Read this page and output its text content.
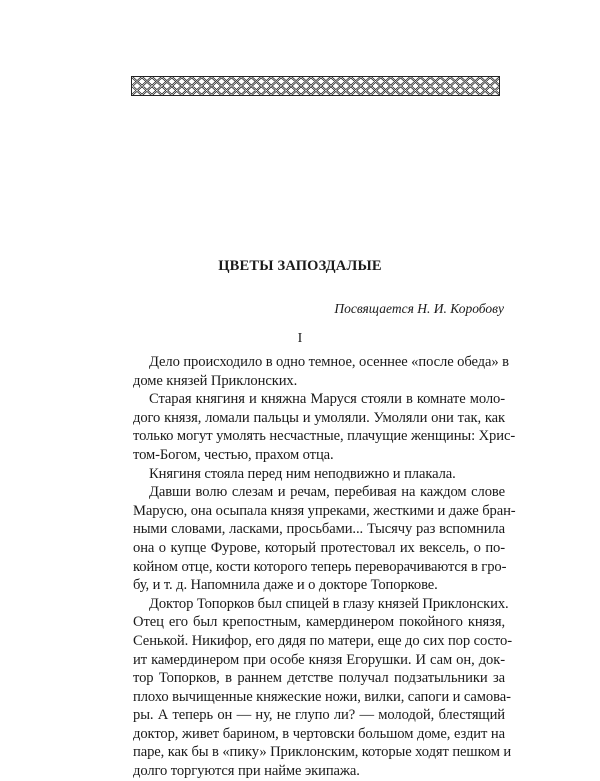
ЦВЕТЫ ЗАПОЗДАЛЫЕ

Посвящается Н. И. Коробову

I

Дело происходило в одно темное, осеннее «после обеда» в
доме князей Приклонских.
Старая княгиня и княжна Маруся стояли в комнате моло-
дого князя, ломали пальцы и умоляли. Умоляли они так, как
только могут умолять несчастные, плачущие женщины: Хрис-
том-Богом, честью, прахом отца.
Княгиня стояла перед ним неподвижно и плакала.
Давши волю слезам и речам, перебивая на каждом слове
Марусю, она осыпала князя упреками, жесткими и даже бран-
ными словами, ласками, просьбами... Тысячу раз вспомнила
она о купце Фурове, который протестовал их вексель, о по-
койном отце, кости которого теперь переворачиваются в гро-
бу, и т. д. Напомнила даже и о докторе Топоркове.
Доктор Топорков был спицей в глазу князей Приклонских.
Отец его был крепостным, камердинером покойного князя,
Сенькой. Никифор, его дядя по матери, еще до сих пор состо-
ит камердинером при особе князя Егорушки. И сам он, док-
тор Топорков, в раннем детстве получал подзатыльники за
плохо вычищенные княжеские ножи, вилки, сапоги и самова-
ры. А теперь он — ну, не глупо ли? — молодой, блестящий
доктор, живет барином, в чертовски большом доме, ездит на
паре, как бы в «пику» Приклонским, которые ходят пешком и
долго торгуются при найме экипажа.
